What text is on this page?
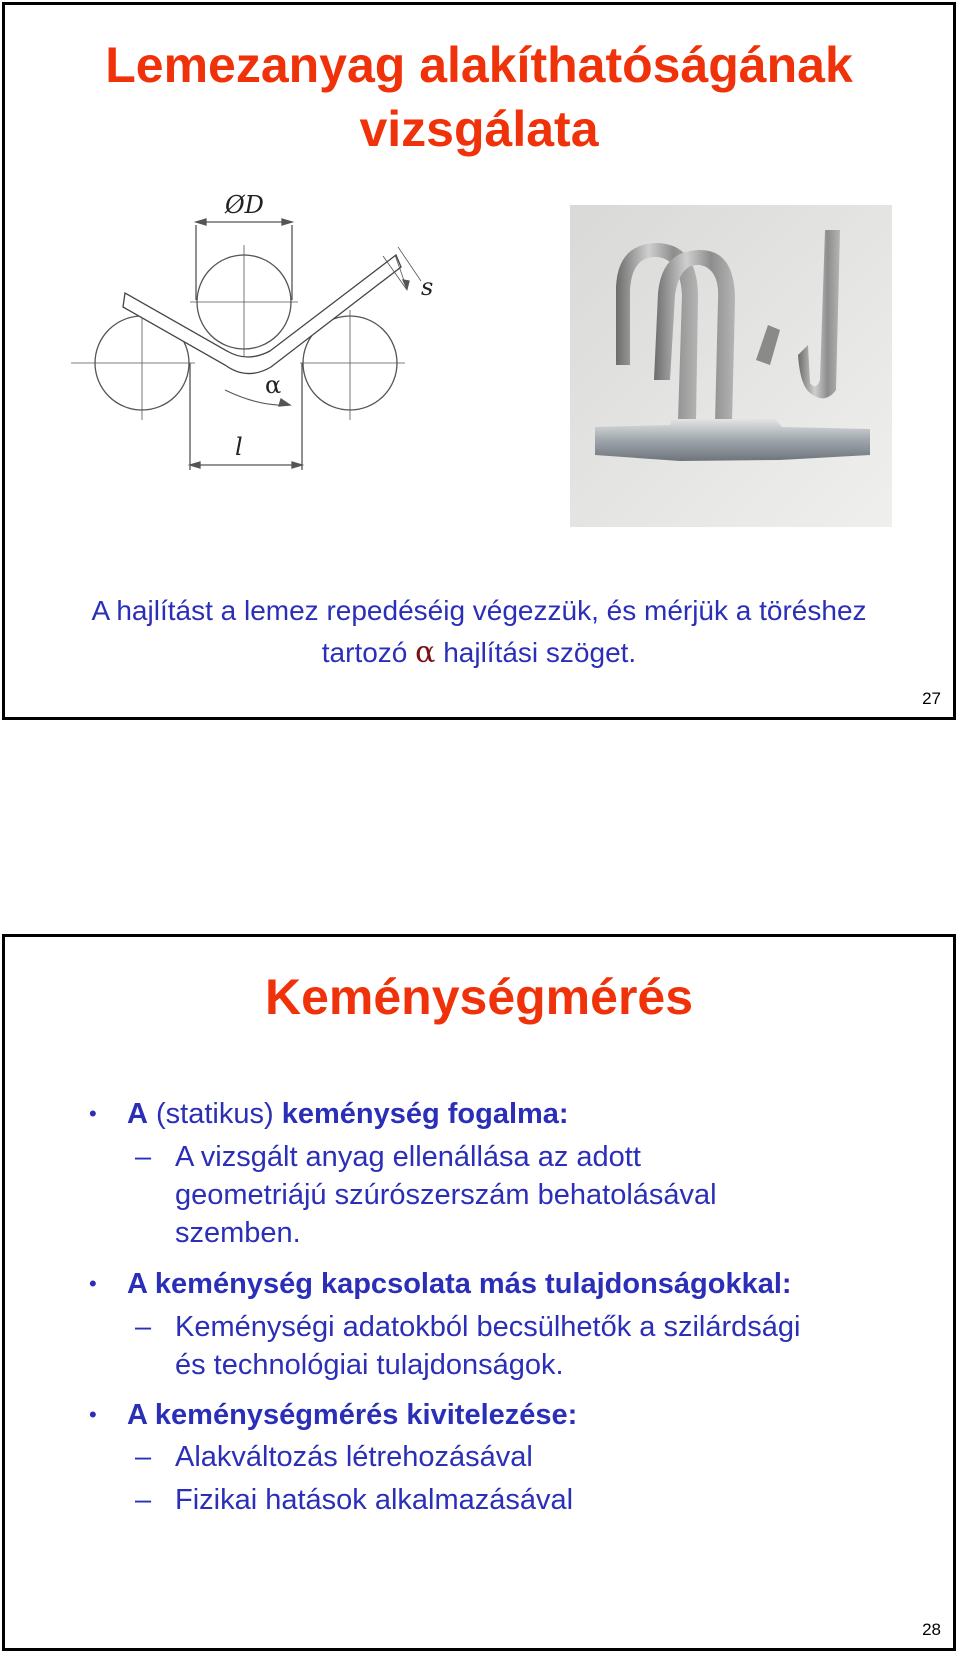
Lemezanyag alakíthatóságának
vizsgálata
ØD
s
α
l
A hajlítást a lemez repedéséig végezzük, és mérjük a töréshez
tartozó α hajlítási szöget.
27
Keménységmérés
• A (statikus) keménység fogalma:
– A vizsgált anyag ellenállása az adott
geometriájú szúrószerszám behatolásával
szemben.
• A keménység kapcsolata más tulajdonságokkal:
– Keménységi adatokból becsülhetők a szilárdsági
és technológiai tulajdonságok.
• A keménységmérés kivitelezése:
– Alakváltozás létrehozásával
– Fizikai hatások alkalmazásával
28
